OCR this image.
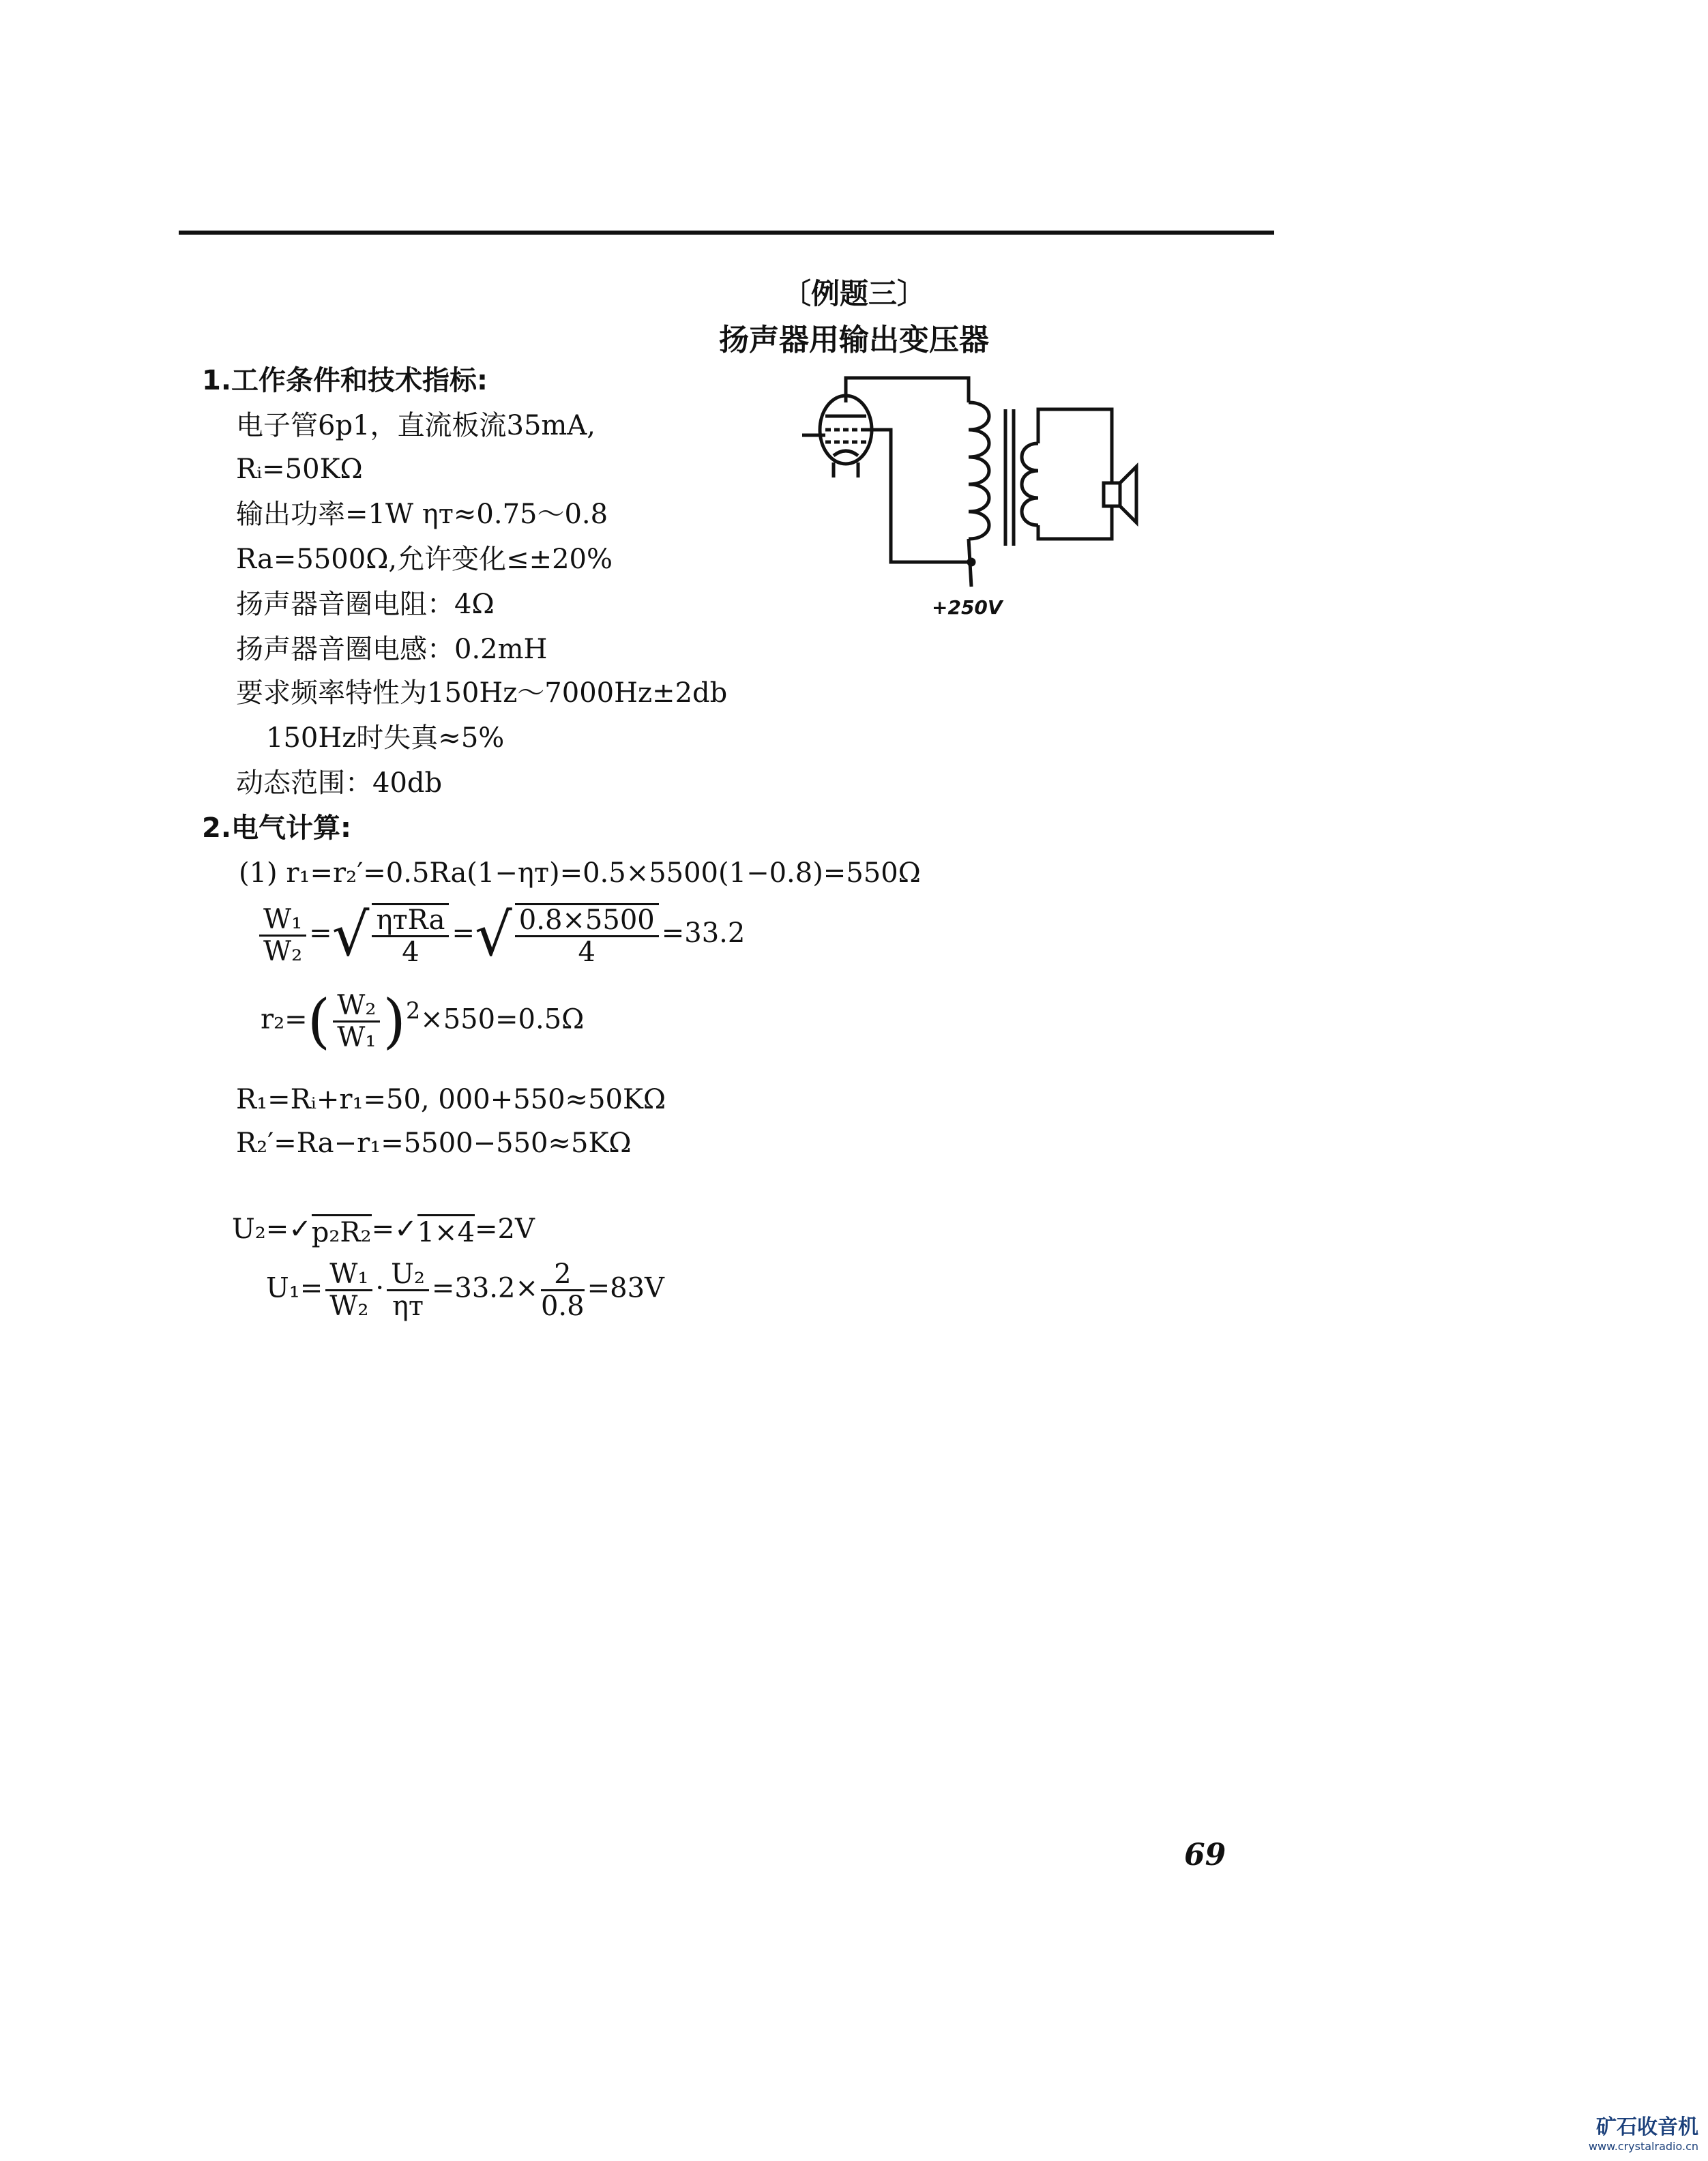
〔例题三〕
扬声器用输出变压器
1.工作条件和技术指标:
电子管6p1，直流板流35mA,
Rᵢ=50KΩ
输出功率=1W ηᴛ≈0.75～0.8
Ra=5500Ω,允许变化≤±20%
扬声器音圈电阻：4Ω
扬声器音圈电感：0.2mH
要求频率特性为150Hz～7000Hz±2db
150Hz时失真≈5%
动态范围：40db
+250V
2.电气计算:
(1) r₁=r₂′=0.5Ra(1−ηᴛ)=0.5×5500(1−0.8)=550Ω
$\frac{\text{W₁}}{\text{W₂}}$ =√ $\frac{\text{ηᴛRa}}{4}$ =√ $\frac{0.8\times 5500}{4} =33.2$
$r_2=( \frac{\text{W₂}}{\text{W₁}} )^2\times 550=0.5\Omega$
R₁=Rᵢ+r₁=50, 000+550≈50KΩ
R₂′=Ra−r₁=5500−550≈5KΩ
U₂=✓p₂R₂=✓1×4=2V
$U_1= \frac{\text{W₁}}{\text{W₂}} \cdot \frac{\text{U₂}}{\text{ηᴛ}} =33.2\times \frac{2}{0.8} =83V$
69
矿石收音机
www.crystalradio.cn
